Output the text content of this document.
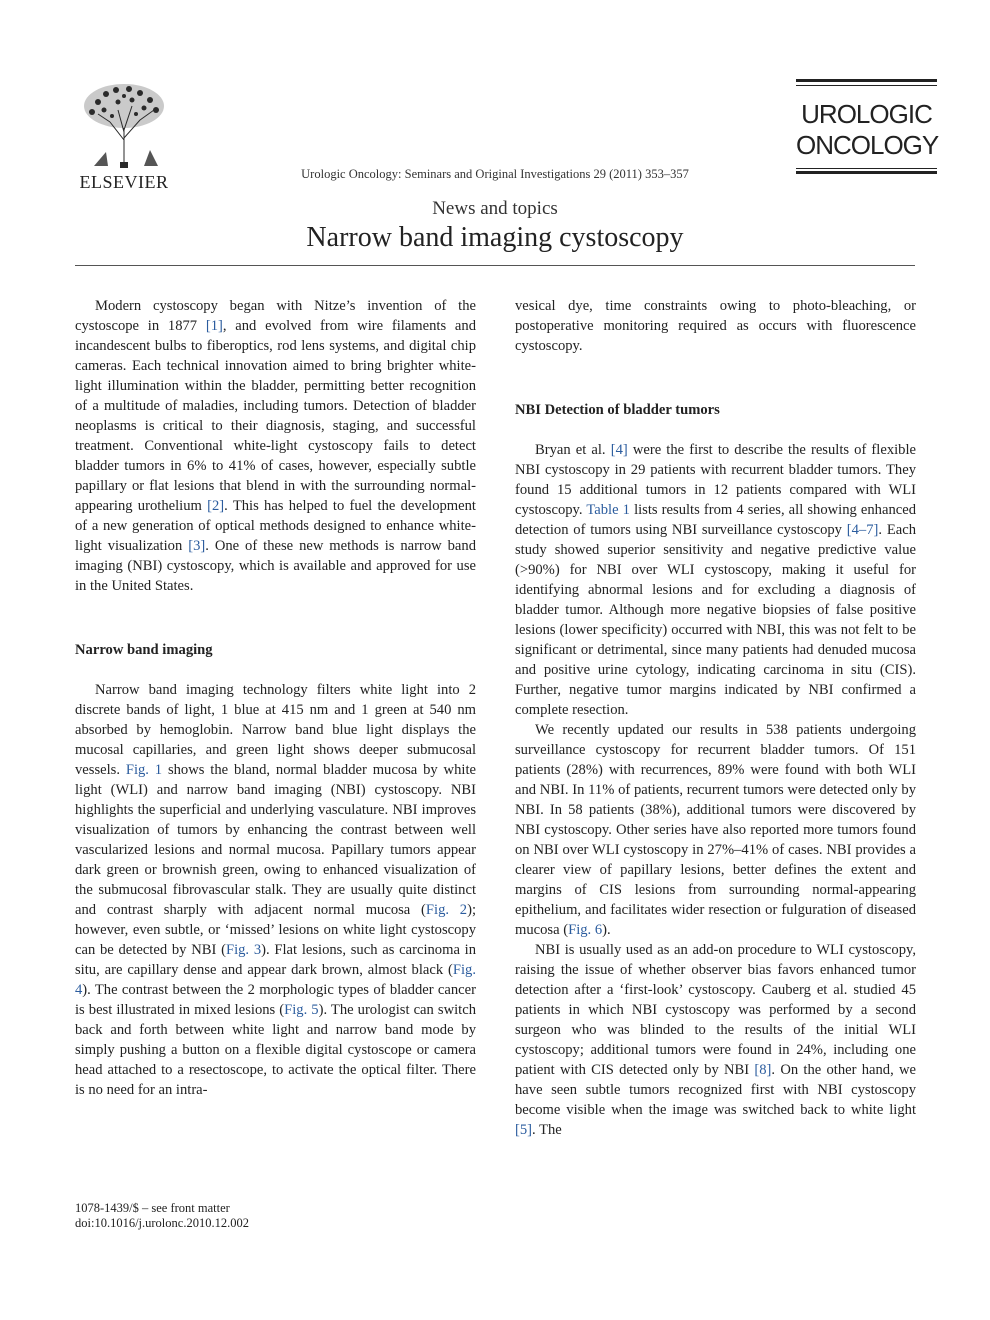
ELSEVIER	Urologic Oncology: Seminars and Original Investigations 29 (2011) 353–357
News and topics
Narrow band imaging cystoscopy
UROLOGIC
ONCOLOGY

Modern cystoscopy began with Nitze’s invention of the cystoscope in 1877 [1], and evolved from wire filaments and incandescent bulbs to fiberoptics, rod lens systems, and digital chip cameras. Each technical innovation aimed to bring brighter white-light illumination within the bladder, permitting better recognition of a multitude of maladies, including tumors. Detection of bladder neoplasms is critical to their diagnosis, staging, and successful treatment. Conventional white-light cystoscopy fails to detect bladder tumors in 6% to 41% of cases, however, especially subtle papillary or flat lesions that blend in with the surrounding normal-appearing urothelium [2]. This has helped to fuel the development of a new generation of optical methods designed to enhance white-light visualization [3]. One of these new methods is narrow band imaging (NBI) cystoscopy, which is available and approved for use in the United States.

Narrow band imaging

Narrow band imaging technology filters white light into 2 discrete bands of light, 1 blue at 415 nm and 1 green at 540 nm absorbed by hemoglobin. Narrow band blue light displays the mucosal capillaries, and green light shows deeper submucosal vessels. Fig. 1 shows the bland, normal bladder mucosa by white light (WLI) and narrow band imaging (NBI) cystoscopy. NBI highlights the superficial and underlying vasculature. NBI improves visualization of tumors by enhancing the contrast between well vascularized lesions and normal mucosa. Papillary tumors appear dark green or brownish green, owing to enhanced visualization of the submucosal fibrovascular stalk. They are usually quite distinct and contrast sharply with adjacent normal mucosa (Fig. 2); however, even subtle, or ‘missed’ lesions on white light cystoscopy can be detected by NBI (Fig. 3). Flat lesions, such as carcinoma in situ, are capillary dense and appear dark brown, almost black (Fig. 4). The contrast between the 2 morphologic types of bladder cancer is best illustrated in mixed lesions (Fig. 5). The urologist can switch back and forth between white light and narrow band mode by simply pushing a button on a flexible digital cystoscope or camera head attached to a resectoscope, to activate the optical filter. There is no need for an intra-

vesical dye, time constraints owing to photo-bleaching, or postoperative monitoring required as occurs with fluorescence cystoscopy.

NBI Detection of bladder tumors

Bryan et al. [4] were the first to describe the results of flexible NBI cystoscopy in 29 patients with recurrent bladder tumors. They found 15 additional tumors in 12 patients compared with WLI cystoscopy. Table 1 lists results from 4 series, all showing enhanced detection of tumors using NBI surveillance cystoscopy [4–7]. Each study showed superior sensitivity and negative predictive value (>90%) for NBI over WLI cystoscopy, making it useful for identifying abnormal lesions and for excluding a diagnosis of bladder tumor. Although more negative biopsies of false positive lesions (lower specificity) occurred with NBI, this was not felt to be significant or detrimental, since many patients had denuded mucosa and positive urine cytology, indicating carcinoma in situ (CIS). Further, negative tumor margins indicated by NBI confirmed a complete resection.

We recently updated our results in 538 patients undergoing surveillance cystoscopy for recurrent bladder tumors. Of 151 patients (28%) with recurrences, 89% were found with both WLI and NBI. In 11% of patients, recurrent tumors were detected only by NBI. In 58 patients (38%), additional tumors were discovered by NBI cystoscopy. Other series have also reported more tumors found on NBI over WLI cystoscopy in 27%–41% of cases. NBI provides a clearer view of papillary lesions, better defines the extent and margins of CIS lesions from surrounding normal-appearing epithelium, and facilitates wider resection or fulguration of diseased mucosa (Fig. 6).

NBI is usually used as an add-on procedure to WLI cystoscopy, raising the issue of whether observer bias favors enhanced tumor detection after a ‘first-look’ cystoscopy. Cauberg et al. studied 45 patients in which NBI cystoscopy was performed by a second surgeon who was blinded to the results of the initial WLI cystoscopy; additional tumors were found in 24%, including one patient with CIS detected only by NBI [8]. On the other hand, we have seen subtle tumors recognized first with NBI cystoscopy become visible when the image was switched back to white light [5]. The

1078-1439/$ – see front matter
doi:10.1016/j.urolonc.2010.12.002
